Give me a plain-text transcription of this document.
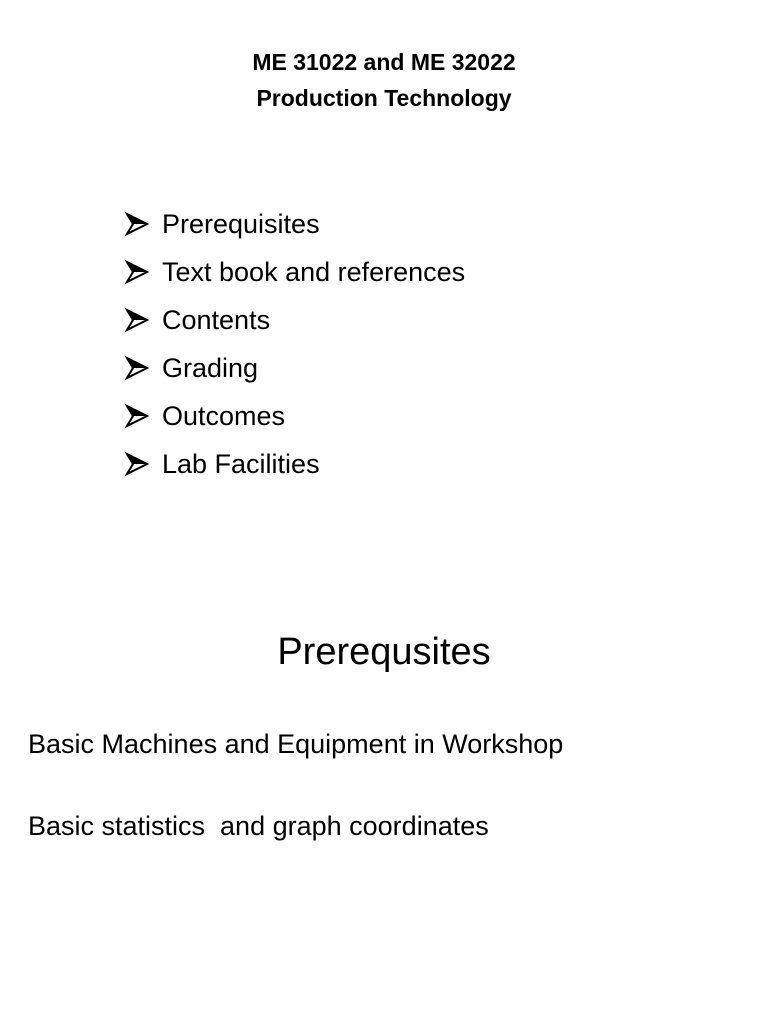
ME 31022 and ME 32022
Production Technology
Prerequisites
Text book and references
Contents
Grading
Outcomes
Lab Facilities
Prerequsites
Basic Machines and Equipment in Workshop
Basic statistics  and graph coordinates
